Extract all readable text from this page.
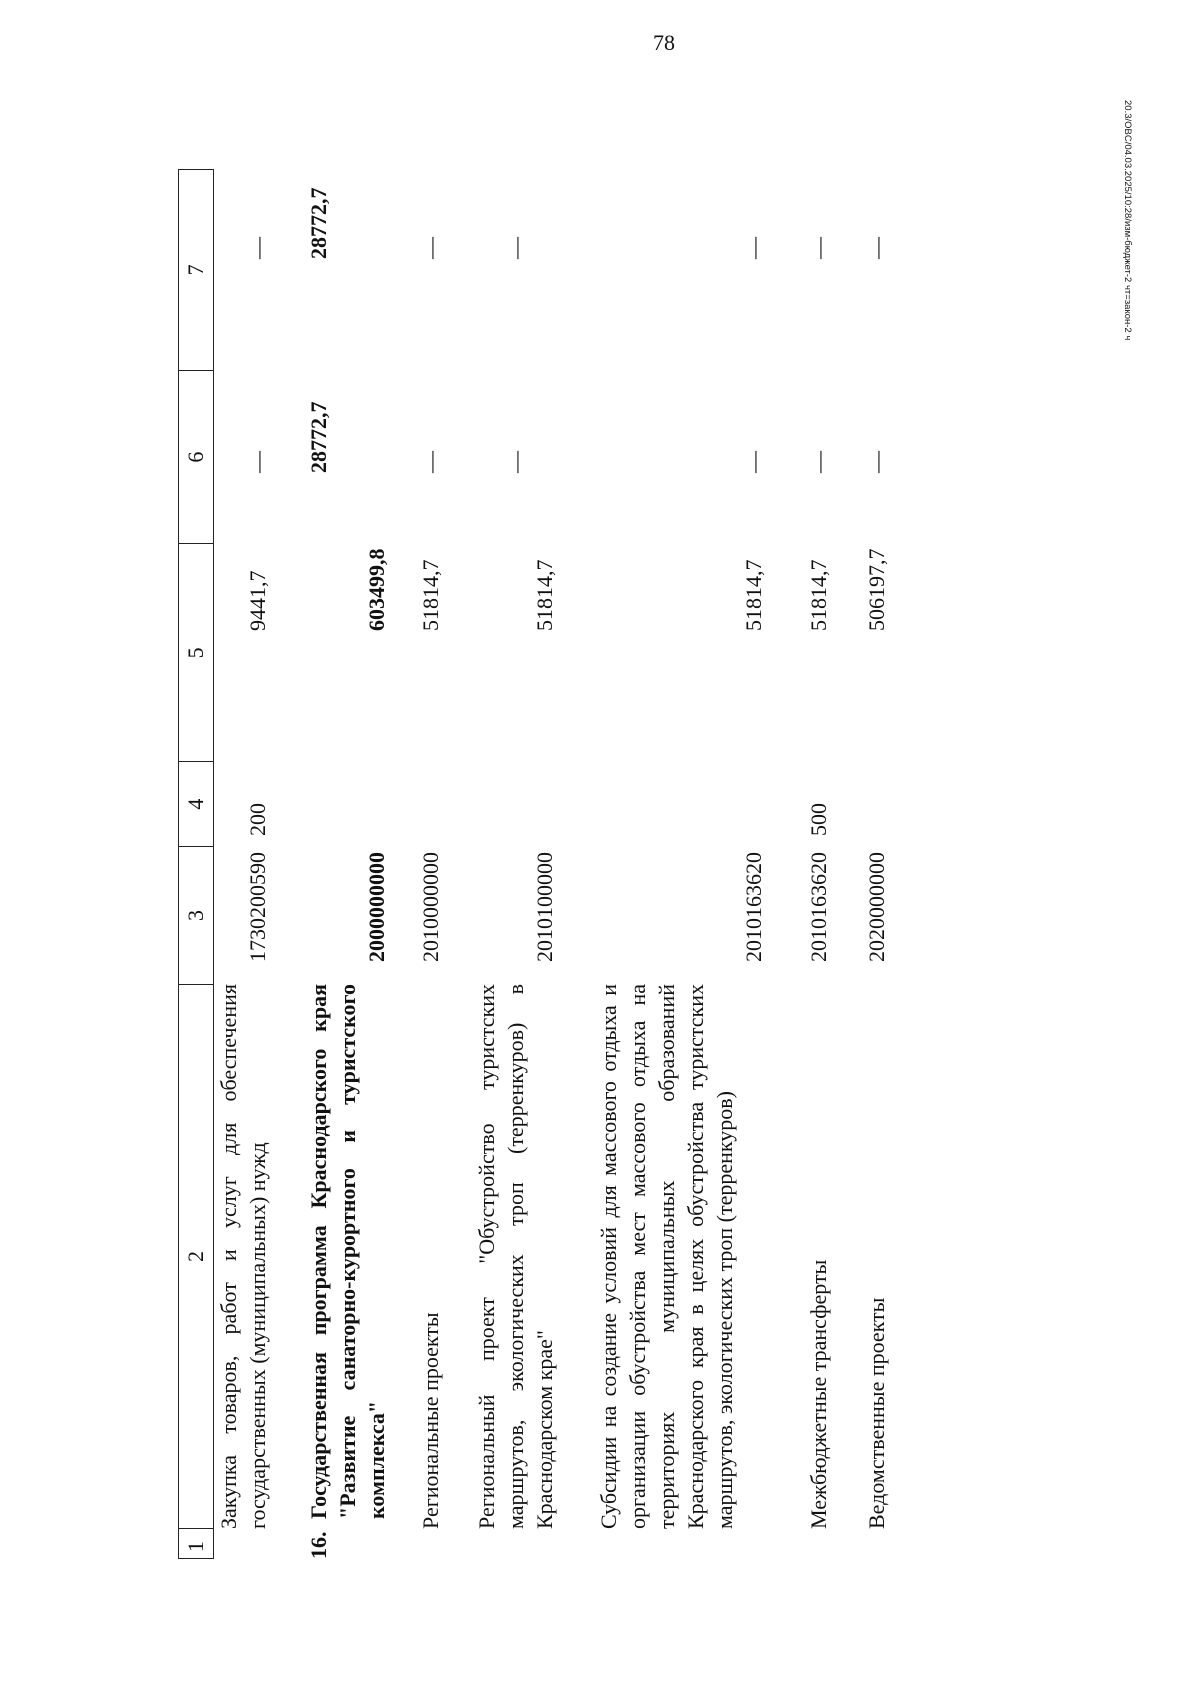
78
1
2
3
4
5
6
7
Закупка товаров, работ и услуг для обеспечения государственных (муниципальных) нужд
1730200590
200
9441,7
—
—
16.
Государственная программа Краснодарского края "Развитие санаторно-курортного и туристского комплекса"
2000000000
603499,8
28772,7
28772,7
Региональные проекты
2010000000
51814,7
—
—
Региональный проект "Обустройство туристских маршрутов, экологических троп (терренкуров) в Краснодарском крае"
2010100000
51814,7
—
—
Субсидии на создание условий для массового отдыха и организации обустройства мест массового отдыха на территориях муниципальных образований Краснодарского края в целях обустройства туристских маршрутов, экологических троп (терренкуров)
2010163620
51814,7
—
—
Межбюджетные трансферты
2010163620
500
51814,7
—
—
Ведомственные проекты
2020000000
506197,7
—
—	20.3/OBC/04.03.2025/10:28/изм-бюджет-2 чт=закон-2 ч
